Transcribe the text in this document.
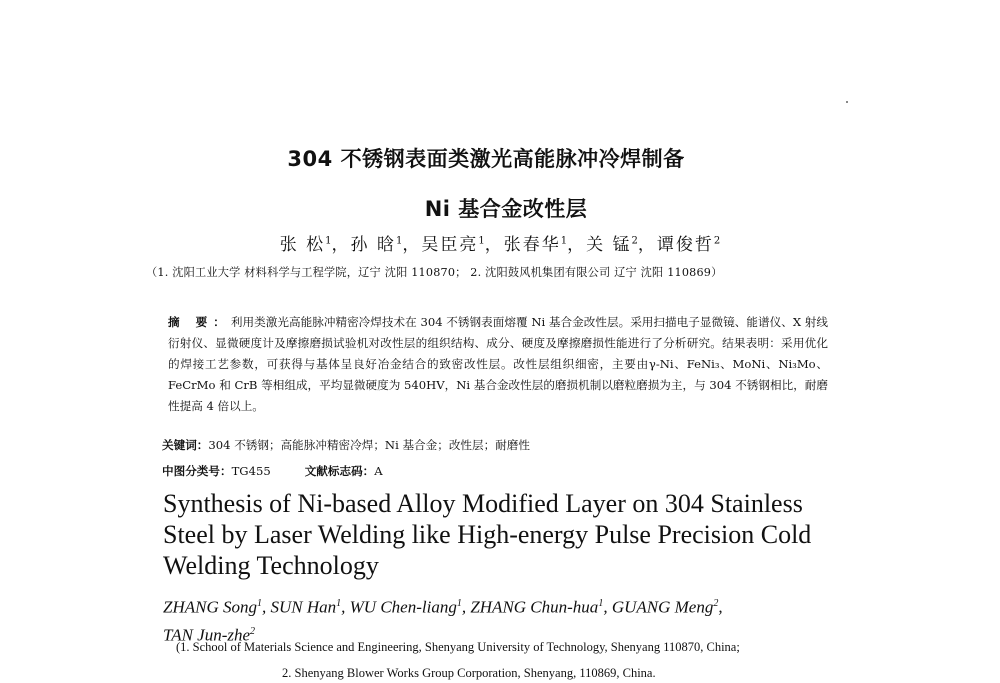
304 不锈钢表面类激光高能脉冲冷焊制备
Ni 基合金改性层
张 松$^1$，孙 晗$^1$，吴臣亮$^1$，张春华$^1$，关 锰$^2$，谭俊哲$^2$
（1. 沈阳工业大学 材料科学与工程学院，辽宁 沈阳 110870； 2. 沈阳鼓风机集团有限公司 辽宁 沈阳 110869）
摘 要：利用类激光高能脉冲精密冷焊技术在 304 不锈钢表面熔覆 Ni 基合金改性层。采用扫描电子显微镜、能谱仪、X 射线衍射仪、显微硬度计及摩擦磨损试验机对改性层的组织结构、成分、硬度及摩擦磨损性能进行了分析研究。结果表明：采用优化的焊接工艺参数，可获得与基体呈良好冶金结合的致密改性层。改性层组织细密，主要由γ-Ni、FeNi₃、MoNi、Ni₃Mo、FeCrMo 和 CrB 等相组成，平均显微硬度为 540HV，Ni 基合金改性层的磨损机制以磨粒磨损为主，与 304 不锈钢相比，耐磨性提高 4 倍以上。
关键词：304 不锈钢；高能脉冲精密冷焊；Ni 基合金；改性层；耐磨性
中图分类号：TG455	文献标志码：A
Synthesis of Ni-based Alloy Modified Layer on 304 Stainless Steel by Laser Welding like High-energy Pulse Precision Cold Welding Technology
ZHANG Song$^1$, SUN Han$^1$, WU Chen-liang$^1$, ZHANG Chun-hua$^1$, GUANG Meng$^2$,
TAN Jun-zhe$^2$
(1. School of Materials Science and Engineering, Shenyang University of Technology, Shenyang 110870, China;
2. Shenyang Blower Works Group Corporation, Shenyang, 110869, China.
